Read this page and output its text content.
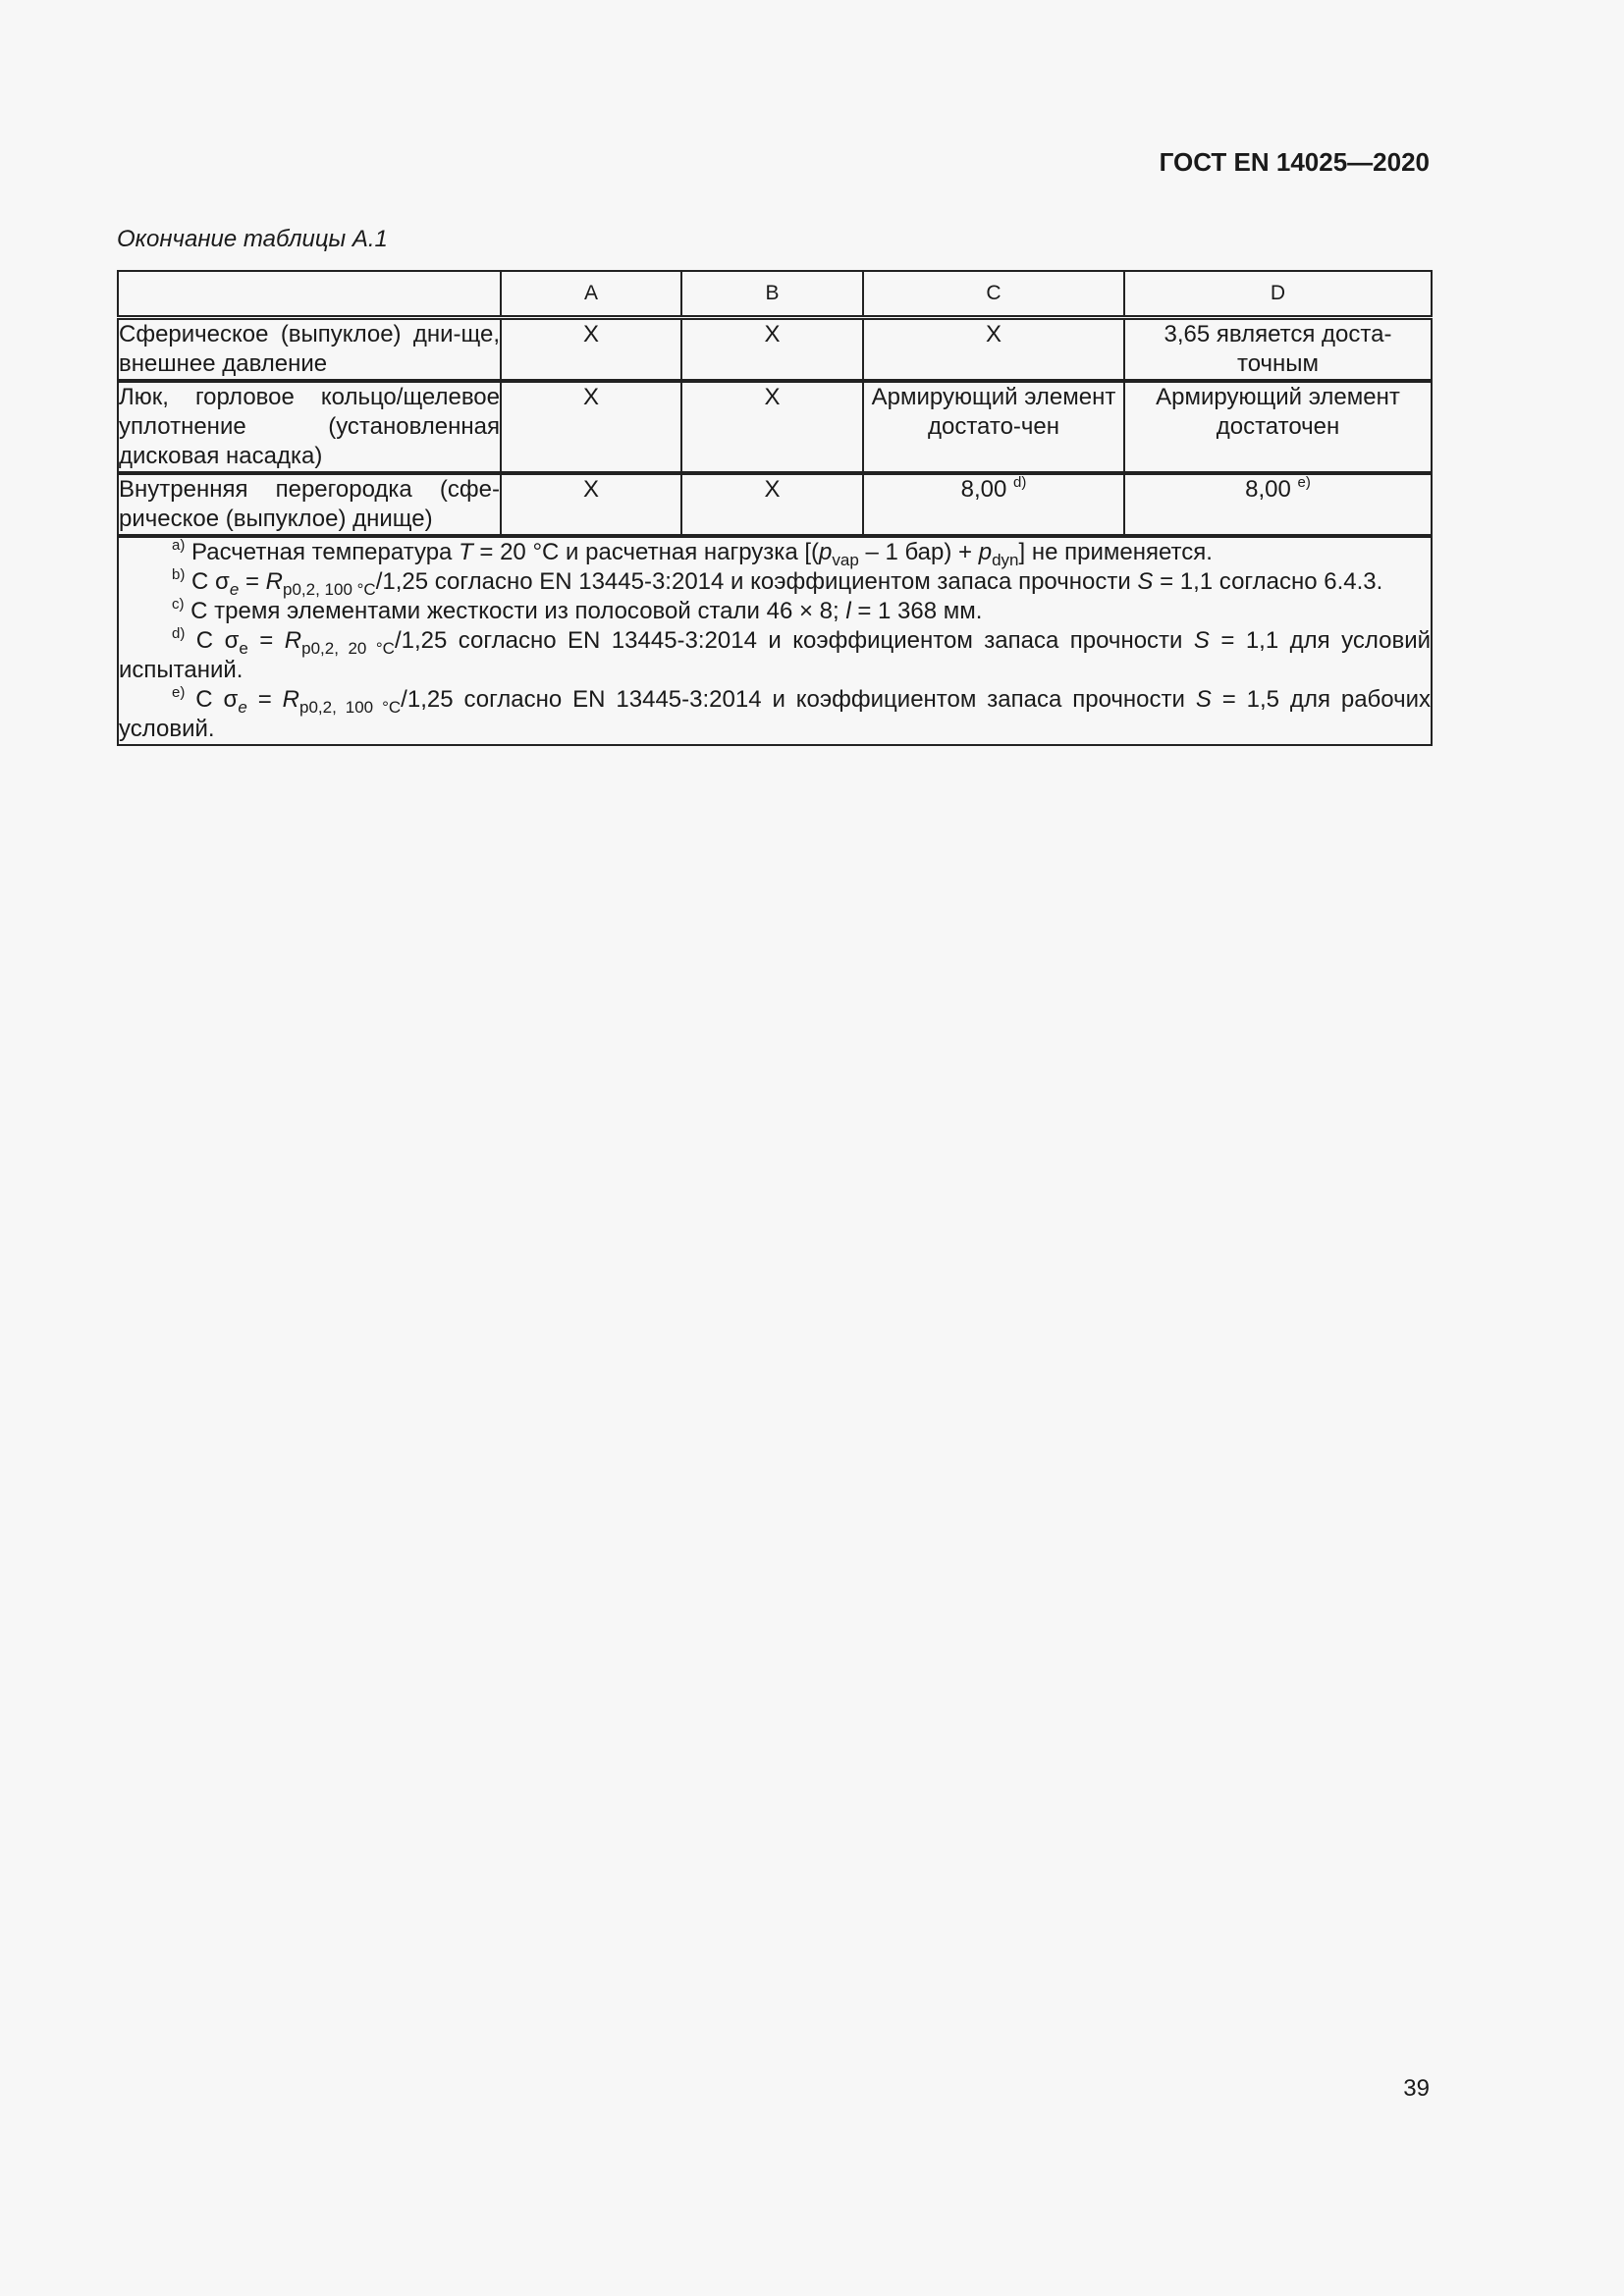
ГОСТ EN 14025—2020
Окончание таблицы А.1
	A	B	C	D
Сферическое (выпуклое) дни-ще, внешнее давление	X	X	X	3,65 является доста-точным
Люк, горловое кольцо/щелевое уплотнение (установленная дисковая насадка)	X	X	Армирующий элемент достато-чен	Армирующий элемент достаточен
Внутренняя перегородка (сфе-рическое (выпуклое) днище)	X	X	8,00 $^{d)}$	8,00 $^{e)}$

$^{a)}$ Расчетная температура T = 20 °С и расчетная нагрузка [($p_{vap} - 1$ $бар) + p_{dyn}$] не применяется.

$^{b)}$ С $\sigma_e = R_{p0,2, 100 ^\circ C}/1,25$ согласно EN 13445-3:2014 и коэффициентом запаса прочности S = 1,1 согласно 6.4.3.

$^{c)}$ С тремя элементами жесткости из полосовой стали 46 × 8; l = 1 368 мм.

$^{d)}$ С $\sigma_e = R_{p0,2, 20 ^\circ C}/1,25$ согласно EN 13445-3:2014 и коэффициентом запаса прочности S = 1,1 для условий испытаний.

$^{e)}$ С $\sigma_e = R_{p0,2, 100 ^\circ C}/1,25$ согласно EN 13445-3:2014 и коэффициентом запаса прочности S = 1,5 для рабочих условий.				

39
